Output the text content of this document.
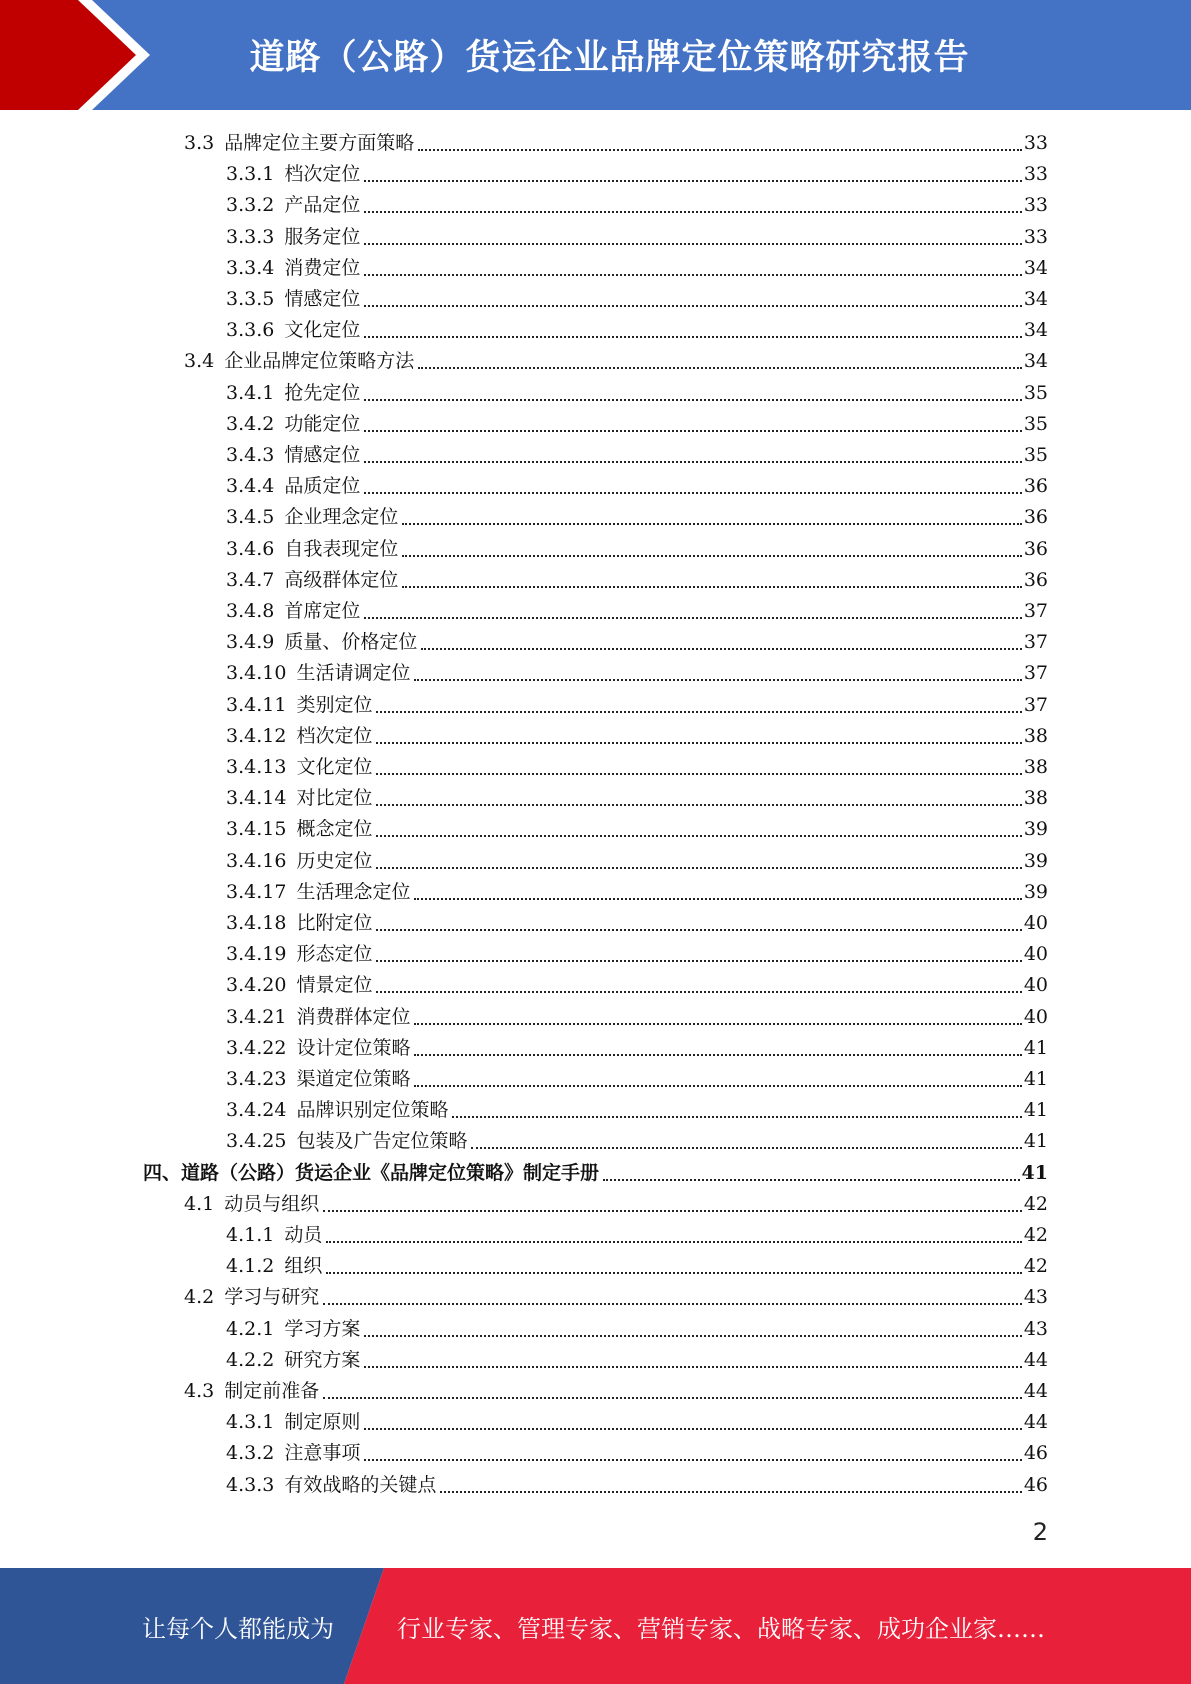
道路（公路）货运企业品牌定位策略研究报告
3.3 品牌定位主要方面策略	33
3.3.1 档次定位	33
3.3.2 产品定位	33
3.3.3 服务定位	33
3.3.4 消费定位	34
3.3.5 情感定位	34
3.3.6 文化定位	34
3.4 企业品牌定位策略方法	34
3.4.1 抢先定位	35
3.4.2 功能定位	35
3.4.3 情感定位	35
3.4.4 品质定位	36
3.4.5 企业理念定位	36
3.4.6 自我表现定位	36
3.4.7 高级群体定位	36
3.4.8 首席定位	37
3.4.9 质量、价格定位	37
3.4.10 生活请调定位	37
3.4.11 类别定位	37
3.4.12 档次定位	38
3.4.13 文化定位	38
3.4.14 对比定位	38
3.4.15 概念定位	39
3.4.16 历史定位	39
3.4.17 生活理念定位	39
3.4.18 比附定位	40
3.4.19 形态定位	40
3.4.20 情景定位	40
3.4.21 消费群体定位	40
3.4.22 设计定位策略	41
3.4.23 渠道定位策略	41
3.4.24 品牌识别定位策略	41
3.4.25 包装及广告定位策略	41
四、道路（公路）货运企业《品牌定位策略》制定手册	41
4.1 动员与组织	42
4.1.1 动员	42
4.1.2 组织	42
4.2 学习与研究	43
4.2.1 学习方案	43
4.2.2 研究方案	44
4.3 制定前准备	44
4.3.1 制定原则	44
4.3.2 注意事项	46
4.3.3 有效战略的关键点	46
2
让每个人都能成为	行业专家、管理专家、营销专家、战略专家、成功企业家……
